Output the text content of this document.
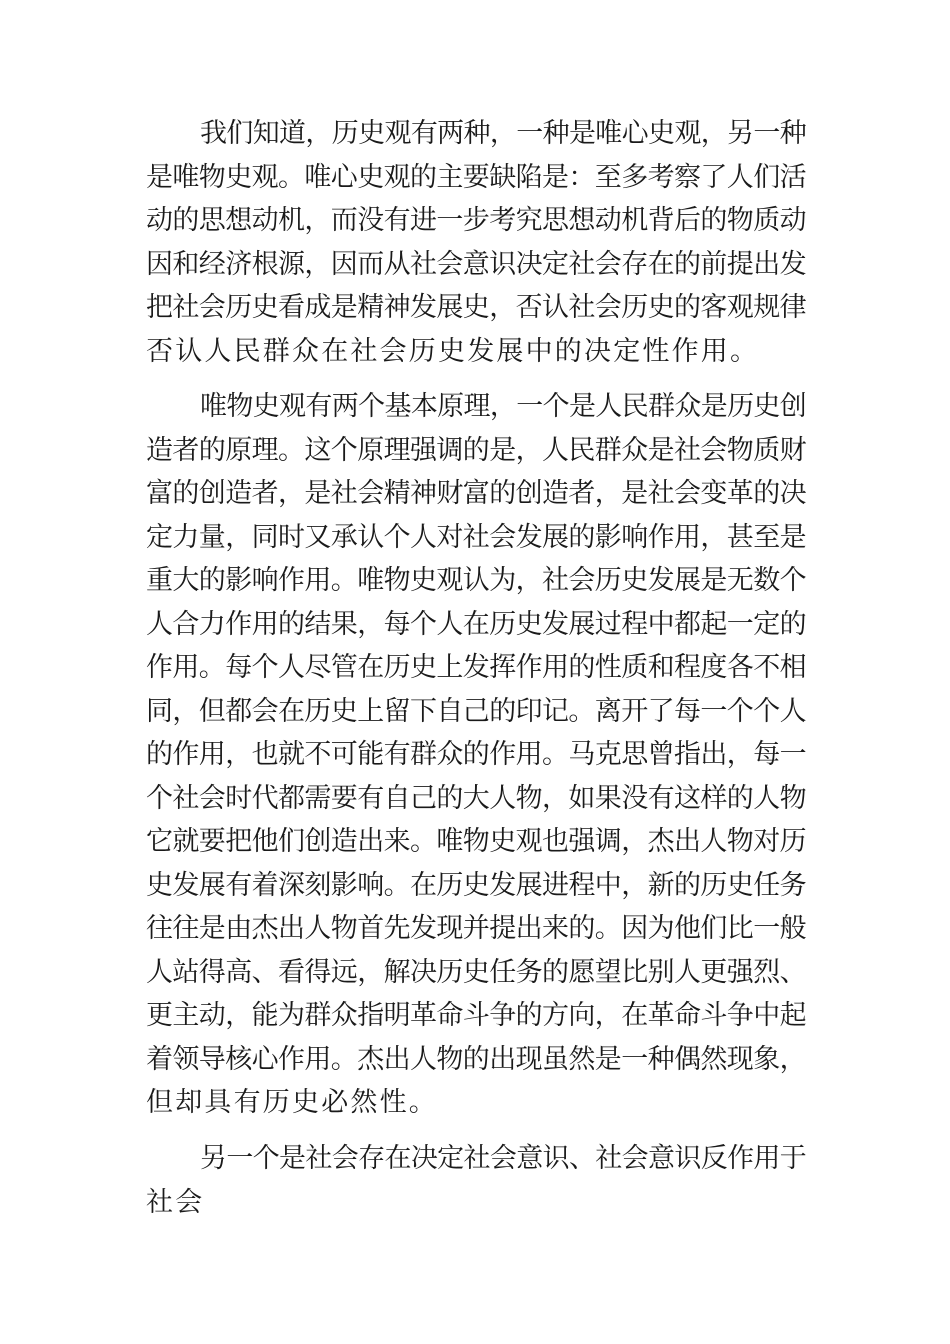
我们知道，历史观有两种，一种是唯心史观，另一种
是唯物史观。唯心史观的主要缺陷是：至多考察了人们活
动的思想动机，而没有进一步考究思想动机背后的物质动
因和经济根源，因而从社会意识决定社会存在的前提出发
把社会历史看成是精神发展史，否认社会历史的客观规律
否认人民群众在社会历史发展中的决定性作用。
唯物史观有两个基本原理，一个是人民群众是历史创
造者的原理。这个原理强调的是，人民群众是社会物质财
富的创造者，是社会精神财富的创造者，是社会变革的决
定力量，同时又承认个人对社会发展的影响作用，甚至是
重大的影响作用。唯物史观认为，社会历史发展是无数个
人合力作用的结果，每个人在历史发展过程中都起一定的
作用。每个人尽管在历史上发挥作用的性质和程度各不相
同，但都会在历史上留下自己的印记。离开了每一个个人
的作用，也就不可能有群众的作用。马克思曾指出，每一
个社会时代都需要有自己的大人物，如果没有这样的人物
它就要把他们创造出来。唯物史观也强调，杰出人物对历
史发展有着深刻影响。在历史发展进程中，新的历史任务
往往是由杰出人物首先发现并提出来的。因为他们比一般
人站得高、看得远，解决历史任务的愿望比别人更强烈、
更主动，能为群众指明革命斗争的方向，在革命斗争中起
着领导核心作用。杰出人物的出现虽然是一种偶然现象，
但却具有历史必然性。
另一个是社会存在决定社会意识、社会意识反作用于
社会
